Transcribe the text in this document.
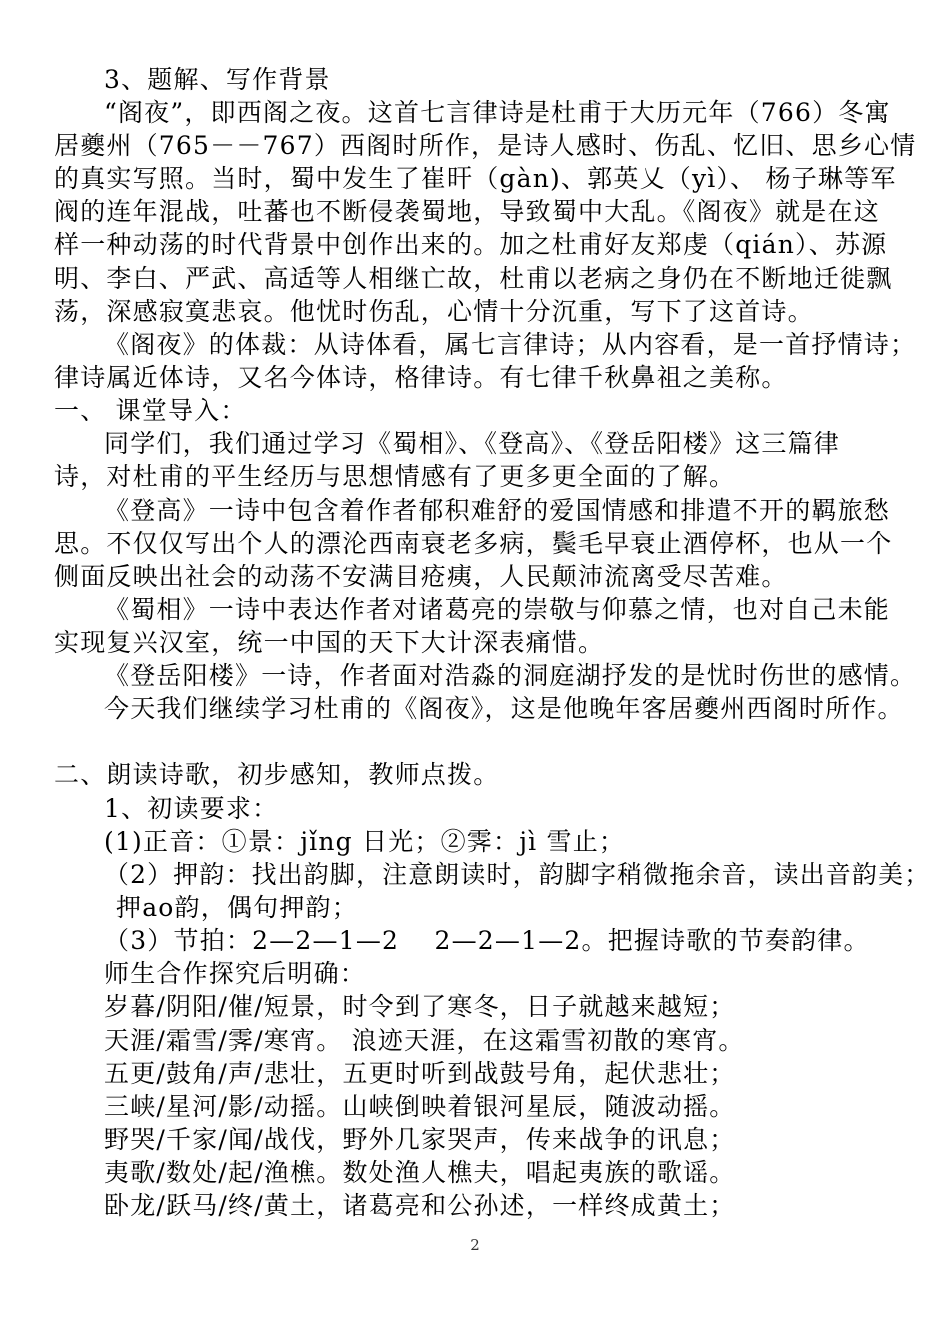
3、题解、写作背景

“阁夜”，即西阁之夜。这首七言律诗是杜甫于大历元年（766）冬寓

居夔州（765－－767）西阁时所作，是诗人感时、伤乱、忆旧、思乡心情

的真实写照。当时，蜀中发生了崔旰（gàn)、郭英乂（yì）、 杨子琳等军

阀的连年混战，吐蕃也不断侵袭蜀地，导致蜀中大乱。《阁夜》就是在这

样一种动荡的时代背景中创作出来的。加之杜甫好友郑虔（qián）、苏源

明、李白、严武、高适等人相继亡故，杜甫以老病之身仍在不断地迁徙飘

荡，深感寂寞悲哀。他忧时伤乱，心情十分沉重，写下了这首诗。

《阁夜》的体裁：从诗体看，属七言律诗；从内容看，是一首抒情诗；

律诗属近体诗，又名今体诗，格律诗。有七律千秋鼻祖之美称。

一、 课堂导入：

同学们，我们通过学习《蜀相》、《登高》、《登岳阳楼》这三篇律

诗，对杜甫的平生经历与思想情感有了更多更全面的了解。

《登高》一诗中包含着作者郁积难舒的爱国情感和排遣不开的羁旅愁

思。不仅仅写出个人的漂沦西南衰老多病，鬓毛早衰止酒停杯，也从一个

侧面反映出社会的动荡不安满目疮痍，人民颠沛流离受尽苦难。

《蜀相》一诗中表达作者对诸葛亮的崇敬与仰慕之情，也对自己未能

实现复兴汉室，统一中国的天下大计深表痛惜。

《登岳阳楼》一诗，作者面对浩淼的洞庭湖抒发的是忧时伤世的感情。

今天我们继续学习杜甫的《阁夜》，这是他晚年客居夔州西阁时所作。

二、朗读诗歌，初步感知，教师点拨。

1、初读要求：

(1)正音：①景：jǐng 日光；②霁：jì 雪止；

（2）押韵：找出韵脚，注意朗读时，韵脚字稍微拖余音，读出音韵美；

押ao韵，偶句押韵；

（3）节拍：2—2—1—2　 2—2—1—2。把握诗歌的节奏韵律。

师生合作探究后明确：

岁暮/阴阳/催/短景，时令到了寒冬，日子就越来越短；

天涯/霜雪/霁/寒宵。 浪迹天涯，在这霜雪初散的寒宵。

五更/鼓角/声/悲壮，五更时听到战鼓号角，起伏悲壮；

三峡/星河/影/动摇。山峡倒映着银河星辰，随波动摇。

野哭/千家/闻/战伐，野外几家哭声，传来战争的讯息；

夷歌/数处/起/渔樵。数处渔人樵夫，唱起夷族的歌谣。

卧龙/跃马/终/黄土，诸葛亮和公孙述，一样终成黄土；

2
